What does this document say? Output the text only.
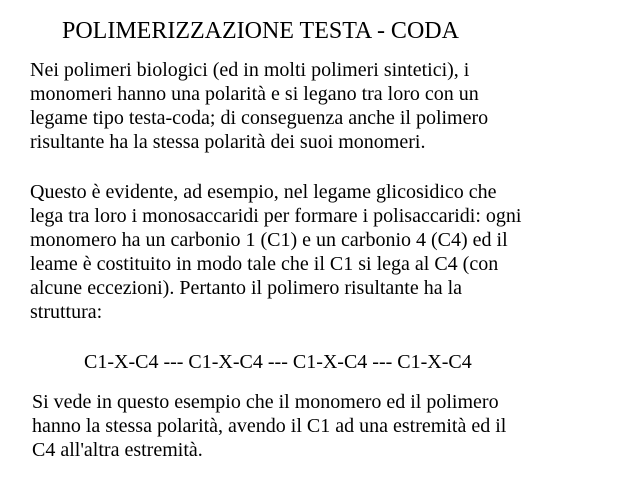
POLIMERIZZAZIONE TESTA - CODA

Nei polimeri biologici (ed in molti polimeri sintetici), i
monomeri hanno una polarità e si legano tra loro con un
legame tipo testa-coda; di conseguenza anche il polimero
risultante ha la stessa polarità dei suoi monomeri.

Questo è evidente, ad esempio, nel legame glicosidico che
lega tra loro i monosaccaridi per formare i polisaccaridi: ogni
monomero ha un carbonio 1 (C1) e un carbonio 4 (C4) ed il
leame è costituito in modo tale che il C1 si lega al C4 (con
alcune eccezioni). Pertanto il polimero risultante ha la
struttura:

C1-X-C4 --- C1-X-C4 --- C1-X-C4 --- C1-X-C4

Si vede in questo esempio che il monomero ed il polimero
hanno la stessa polarità, avendo il C1 ad una estremità ed il
C4 all'altra estremità.
